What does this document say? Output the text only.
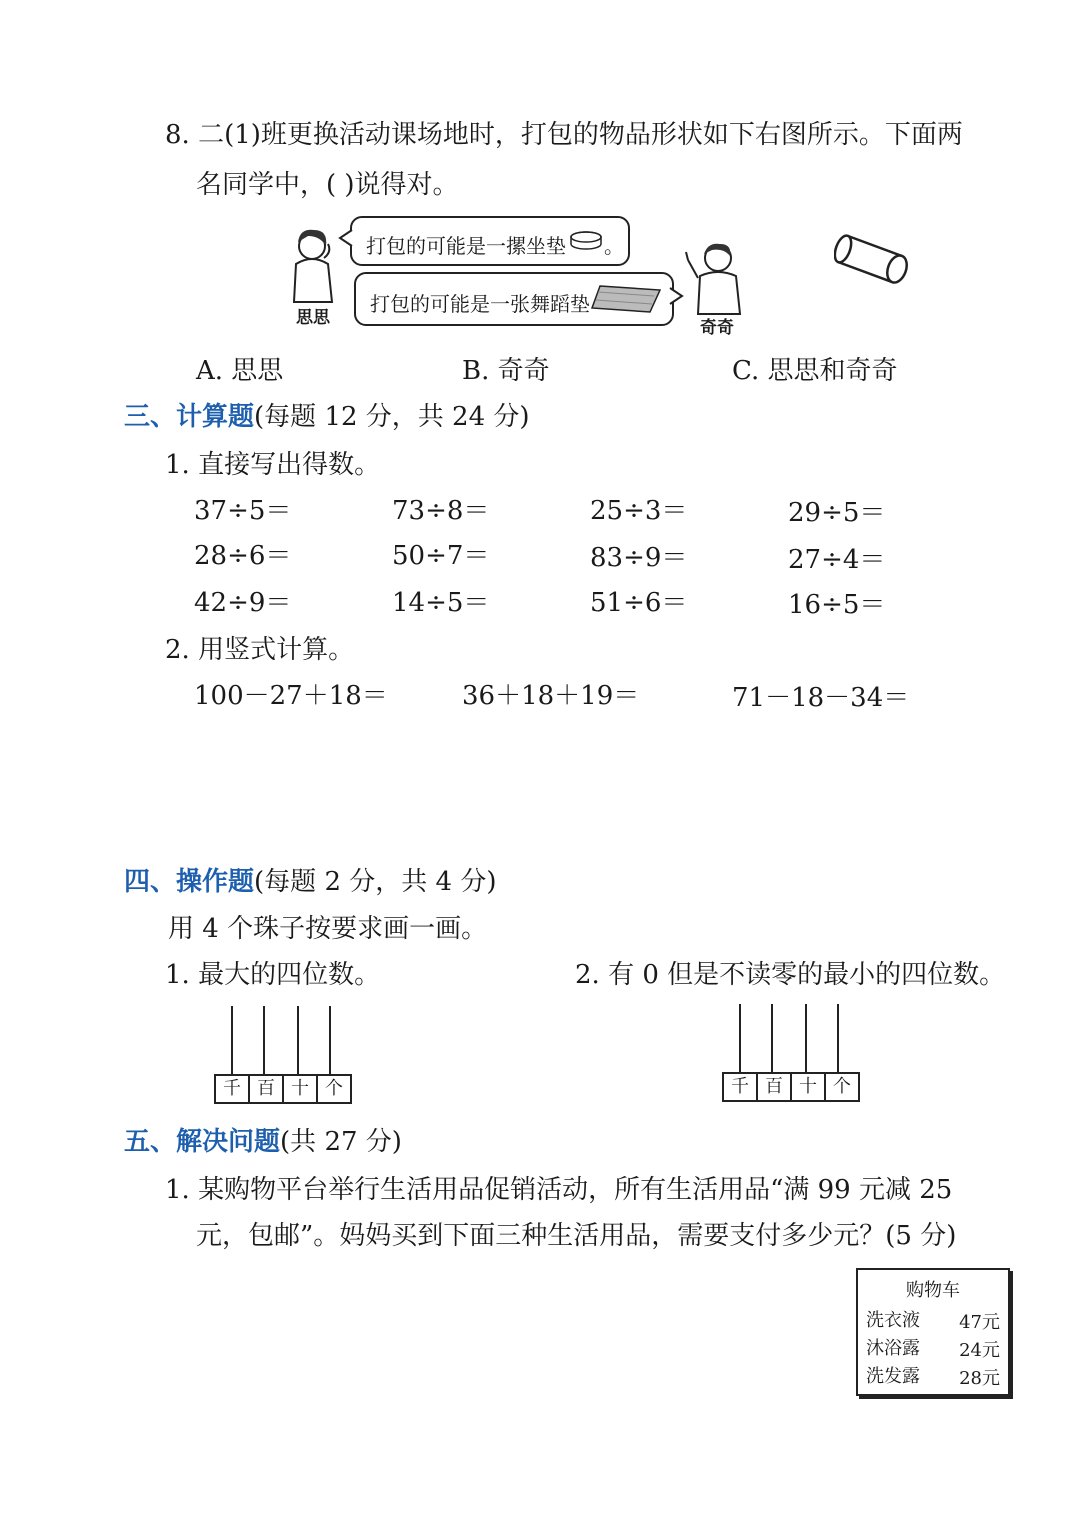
8. 二(1)班更换活动课场地时，打包的物品形状如下右图所示。下面两
名同学中，( )说得对。
思思
打包的可能是一摞坐垫 。
打包的可能是一张舞蹈垫
奇奇
A. 思思	B. 奇奇	C. 思思和奇奇
三、计算题(每题 12 分，共 24 分)
1. 直接写出得数。
37÷5＝	73÷8＝	25÷3＝	29÷5＝
28÷6＝	50÷7＝	83÷9＝	27÷4＝
42÷9＝	14÷5＝	51÷6＝	16÷5＝
2. 用竖式计算。
100－27＋18＝	36＋18＋19＝	71－18－34＝
四、操作题(每题 2 分，共 4 分)
用 4 个珠子按要求画一画。
1. 最大的四位数。	2. 有 0 但是不读零的最小的四位数。
千 百 十 个	千 百 十 个
五、解决问题(共 27 分)
1. 某购物平台举行生活用品促销活动，所有生活用品“满 99 元减 25
元，包邮”。妈妈买到下面三种生活用品，需要支付多少元？(5 分)
购物车
洗衣液 47元
沐浴露 24元
洗发露 28元
